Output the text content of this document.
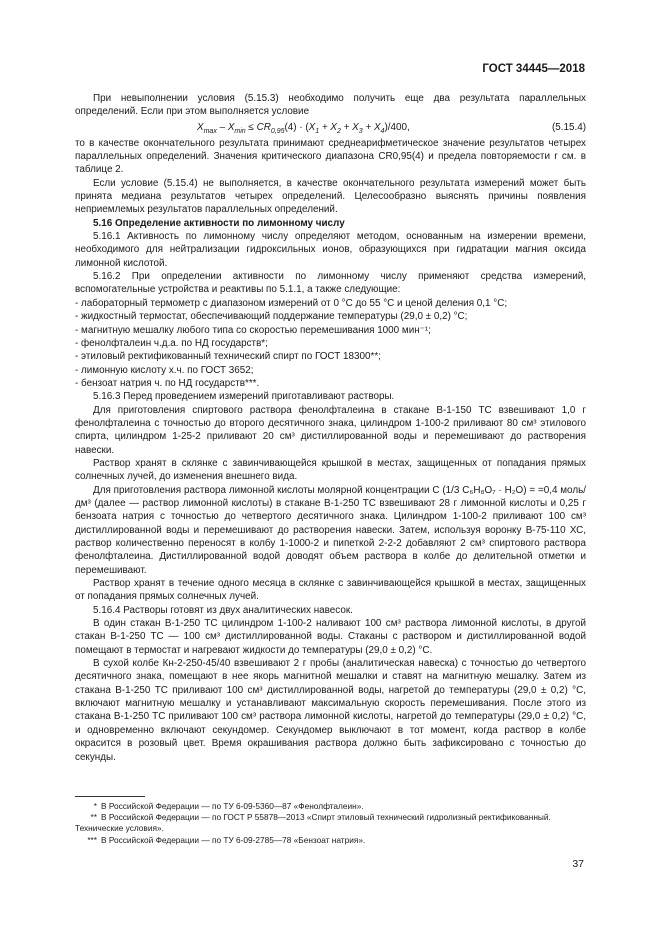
ГОСТ 34445—2018

При невыполнении условия (5.15.3) необходимо получить еще два результата параллельных определений. Если при этом выполняется условие

$X_{max} - X_{min} \le CR_{0,95}(4) \cdot (X_1 + X_2 + X_3 + X_4)/400$,	(5.15.4)

то в качестве окончательного результата принимают среднеарифметическое значение результатов четырех параллельных определений. Значения критического диапазона CR0,95(4) и предела повторяемости r см. в таблице 2.

Если условие (5.15.4) не выполняется, в качестве окончательного результата измерений может быть принята медиана результатов четырех определений. Целесообразно выяснять причины появления неприемлемых результатов параллельных определений.

5.16 Определение активности по лимонному числу

5.16.1 Активность по лимонному числу определяют методом, основанным на измерении времени, необходимого для нейтрализации гидроксильных ионов, образующихся при гидратации магния оксида лимонной кислотой.

5.16.2 При определении активности по лимонному числу применяют средства измерений, вспомогательные устройства и реактивы по 5.1.1, а также следующие:

- лабораторный термометр с диапазоном измерений от 0 °С до 55 °С и ценой деления 0,1 °С;

- жидкостный термостат, обеспечивающий поддержание температуры (29,0 ± 0,2) °С;

- магнитную мешалку любого типа со скоростью перемешивания 1000 мин⁻¹;

- фенолфталеин ч.д.а. по НД государств*;

- этиловый ректификованный технический спирт по ГОСТ 18300**;

- лимонную кислоту х.ч. по ГОСТ 3652;

- бензоат натрия ч. по НД государств***.

5.16.3 Перед проведением измерений приготавливают растворы.

Для приготовления спиртового раствора фенолфталеина в стакане В-1-150 ТС взвешивают 1,0 г фенолфталеина с точностью до второго десятичного знака, цилиндром 1-100-2 приливают 80 см³ этилового спирта, цилиндром 1-25-2 приливают 20 см³ дистиллированной воды и перемешивают до растворения навески.

Раствор хранят в склянке с завинчивающейся крышкой в местах, защищенных от попадания прямых солнечных лучей, до изменения внешнего вида.

Для приготовления раствора лимонной кислоты молярной концентрации С (1/3 C₆H₈O₇ · H₂O) = =0,4 моль/дм³ (далее — раствор лимонной кислоты) в стакане В-1-250 ТС взвешивают 28 г лимонной кислоты и 0,25 г бензоата натрия с точностью до четвертого десятичного знака. Цилиндром 1-100-2 приливают 100 см³ дистиллированной воды и перемешивают до растворения навески. Затем, используя воронку В-75-110 ХС, раствор количественно переносят в колбу 1-1000-2 и пипеткой 2-2-2 добавляют 2 см³ спиртового раствора фенолфталеина. Дистиллированной водой доводят объем раствора в колбе до делительной отметки и перемешивают.

Раствор хранят в течение одного месяца в склянке с завинчивающейся крышкой в местах, защищенных от попадания прямых солнечных лучей.

5.16.4 Растворы готовят из двух аналитических навесок.

В один стакан В-1-250 ТС цилиндром 1-100-2 наливают 100 см³ раствора лимонной кислоты, в другой стакан В-1-250 ТС — 100 см³ дистиллированной воды. Стаканы с раствором и дистиллированной водой помещают в термостат и нагревают жидкости до температуры (29,0 ± 0,2) °С.

В сухой колбе Кн-2-250-45/40 взвешивают 2 г пробы (аналитическая навеска) с точностью до четвертого десятичного знака, помещают в нее якорь магнитной мешалки и ставят на магнитную мешалку. Затем из стакана В-1-250 ТС приливают 100 см³ дистиллированной воды, нагретой до температуры (29,0 ± 0,2) °С, включают магнитную мешалку и устанавливают максимальную скорость перемешивания. После этого из стакана В-1-250 ТС приливают 100 см³ раствора лимонной кислоты, нагретой до температуры (29,0 ± 0,2) °С, и одновременно включают секундомер. Секундомер выключают в тот момент, когда раствор в колбе окрасится в розовый цвет. Время окрашивания раствора должно быть зафиксировано с точностью до секунды.

* В Российской Федерации — по ТУ 6-09-5360—87 «Фенолфталеин».

** В Российской Федерации — по ГОСТ Р 55878—2013 «Спирт этиловый технический гидролизный ректификованный. Технические условия».

*** В Российской Федерации — по ТУ 6-09-2785—78 «Бензоат натрия».

37
